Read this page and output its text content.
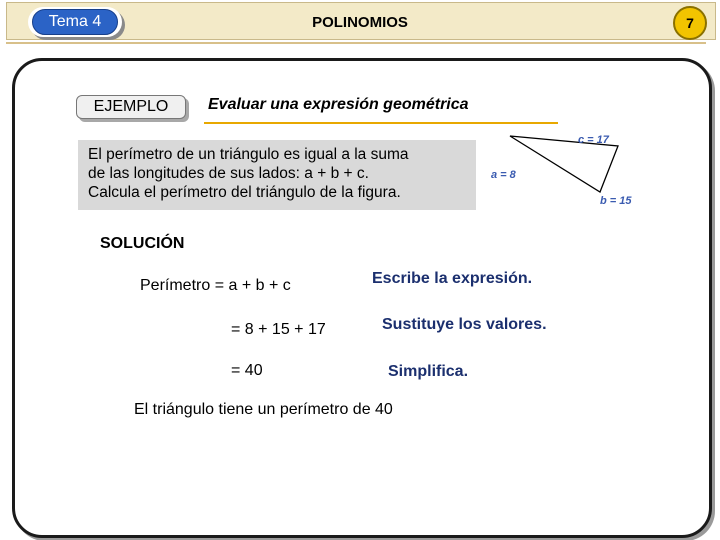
Tema 4	POLINOMIOS	7
EJEMPLO	Evaluar una expresión geométrica
El perímetro de un triángulo es igual a la suma
de las longitudes de sus lados: a + b + c.
Calcula el perímetro del triángulo de la figura.
c = 17
a = 8
b = 15
SOLUCIÓN
Perímetro = a + b + c	Escribe la expresión.
= 8 + 15 + 17	Sustituye los valores.
= 40	Simplifica.
El triángulo tiene un perímetro de 40
